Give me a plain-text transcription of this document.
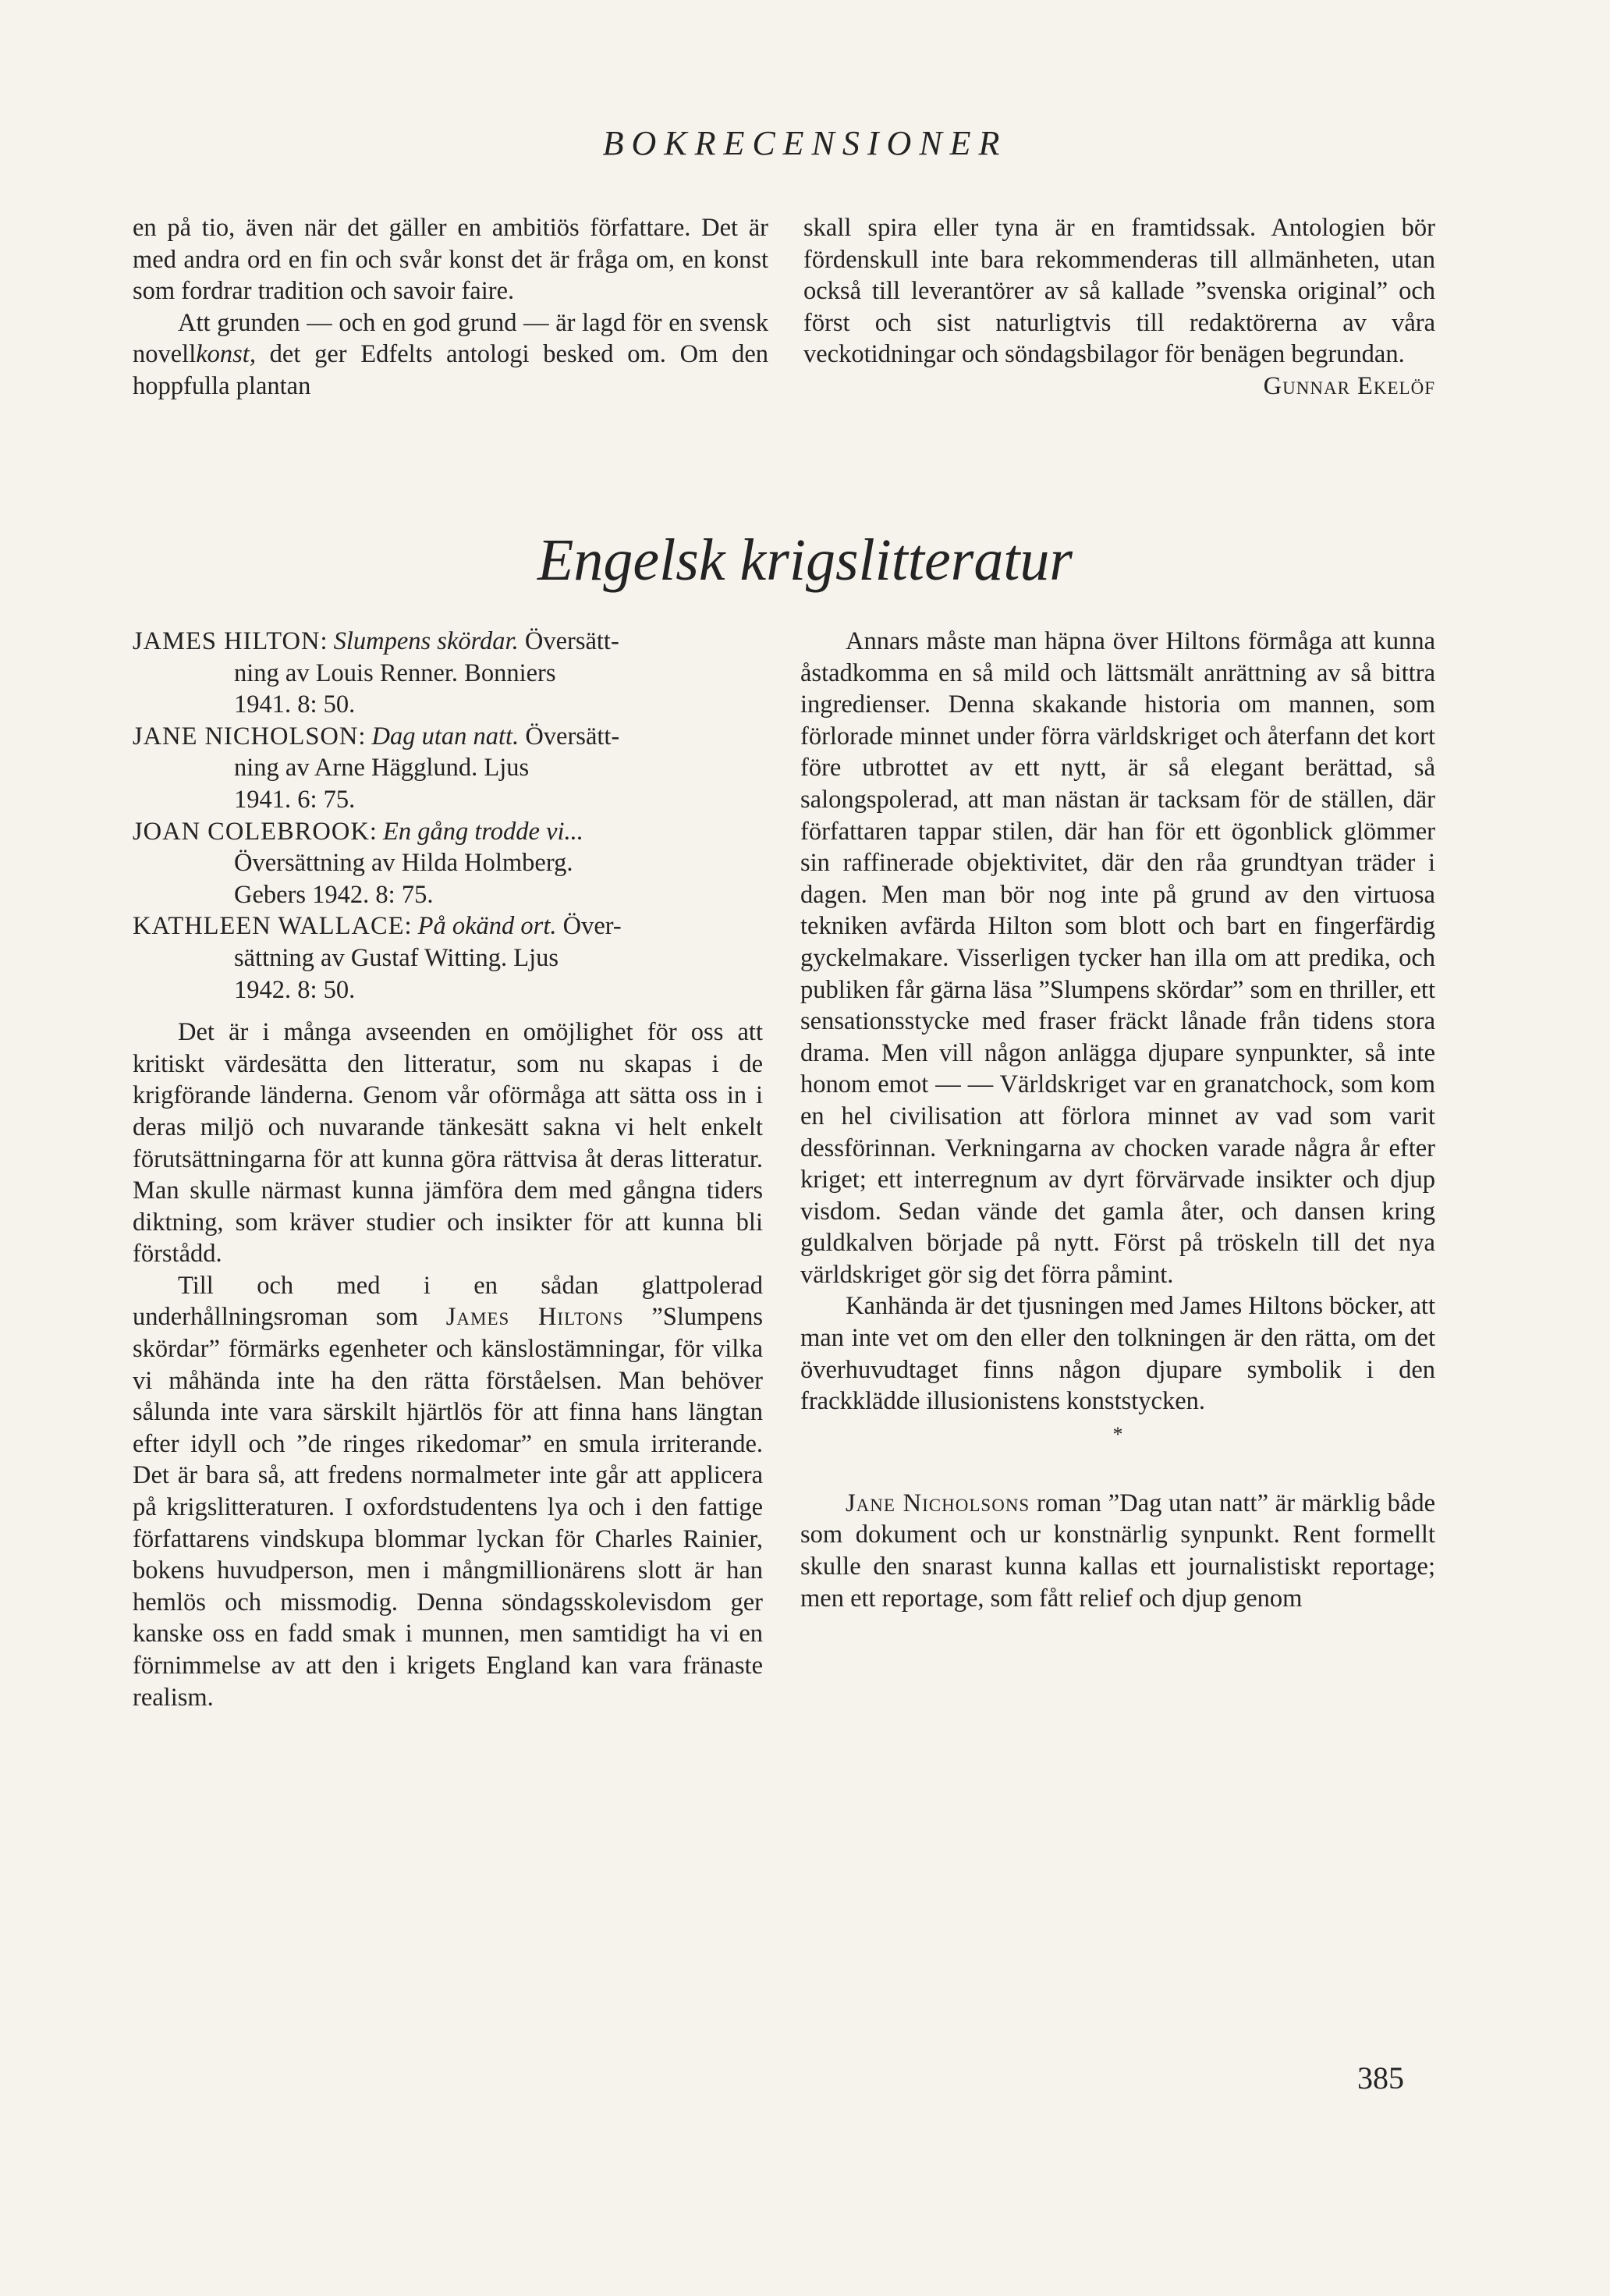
BOKRECENSIONER

en på tio, även när det gäller en ambitiös författare. Det är med andra ord en fin och svår konst det är fråga om, en konst som fordrar tradition och savoir faire.

Att grunden — och en god grund — är lagd för en svensk novellkonst, det ger Edfelts antologi besked om. Om den hoppfulla plantan

skall spira eller tyna är en framtidssak. Antologien bör fördenskull inte bara rekommenderas till allmänheten, utan också till leverantörer av så kallade ”svenska original” och först och sist naturligtvis till redaktörerna av våra veckotidningar och söndagsbilagor för benägen begrundan.
Gunnar Ekelöf

Engelsk krigslitteratur

JAMES HILTON: Slumpens skördar. Översätt-
ning av Louis Renner. Bonniers
1941. 8: 50.

JANE NICHOLSON: Dag utan natt. Översätt-
ning av Arne Hägglund. Ljus
1941. 6: 75.

JOAN COLEBROOK: En gång trodde vi...
Översättning av Hilda Holmberg.
Gebers 1942. 8: 75.

KATHLEEN WALLACE: På okänd ort. Över-
sättning av Gustaf Witting. Ljus
1942. 8: 50.

Det är i många avseenden en omöjlighet för oss att kritiskt värdesätta den litteratur, som nu skapas i de krigförande länderna. Genom vår oförmåga att sätta oss in i deras miljö och nuvarande tänkesätt sakna vi helt enkelt förutsättningarna för att kunna göra rättvisa åt deras litteratur. Man skulle närmast kunna jämföra dem med gångna tiders diktning, som kräver studier och insikter för att kunna bli förstådd.

Till och med i en sådan glattpolerad underhållningsroman som James Hiltons ”Slumpens skördar” förmärks egenheter och känslostämningar, för vilka vi måhända inte ha den rätta förståelsen. Man behöver sålunda inte vara särskilt hjärtlös för att finna hans längtan efter idyll och ”de ringes rikedomar” en smula irriterande. Det är bara så, att fredens normalmeter inte går att applicera på krigslitteraturen. I oxfordstudentens lya och i den fattige författarens vindskupa blommar lyckan för Charles Rainier, bokens huvudperson, men i mångmillionärens slott är han hemlös och missmodig. Denna söndagsskolevisdom ger kanske oss en fadd smak i munnen, men samtidigt ha vi en förnimmelse av att den i krigets England kan vara fränaste realism.

Annars måste man häpna över Hiltons förmåga att kunna åstadkomma en så mild och lättsmält anrättning av så bittra ingredienser. Denna skakande historia om mannen, som förlorade minnet under förra världskriget och återfann det kort före utbrottet av ett nytt, är så elegant berättad, så salongspolerad, att man nästan är tacksam för de ställen, där författaren tappar stilen, där han för ett ögonblick glömmer sin raffinerade objektivitet, där den råa grundtyan träder i dagen. Men man bör nog inte på grund av den virtuosa tekniken avfärda Hilton som blott och bart en fingerfärdig gyckelmakare. Visserligen tycker han illa om att predika, och publiken får gärna läsa ”Slumpens skördar” som en thriller, ett sensationsstycke med fraser fräckt lånade från tidens stora drama. Men vill någon anlägga djupare synpunkter, så inte honom emot — — Världskriget var en granatchock, som kom en hel civilisation att förlora minnet av vad som varit dessförinnan. Verkningarna av chocken varade några år efter kriget; ett interregnum av dyrt förvärvade insikter och djup visdom. Sedan vände det gamla åter, och dansen kring guldkalven började på nytt. Först på tröskeln till det nya världskriget gör sig det förra påmint.

Kanhända är det tjusningen med James Hiltons böcker, att man inte vet om den eller den tolkningen är den rätta, om det överhuvudtaget finns någon djupare symbolik i den frackklädde illusionistens konststycken.

*

Jane Nicholsons roman ”Dag utan natt” är märklig både som dokument och ur konstnärlig synpunkt. Rent formellt skulle den snarast kunna kallas ett journalistiskt reportage; men ett reportage, som fått relief och djup genom

385
